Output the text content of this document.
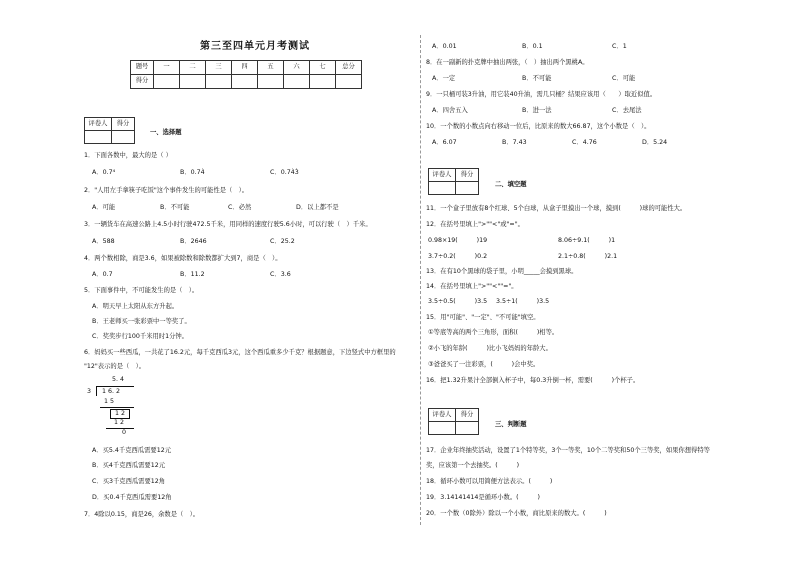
第三至四单元月考测试
题号	一	二	三	四	五	六	七	总分
得分								
评卷人	得分

一、选择题
1．下面各数中，最大的是（ ）
A．0.7⁴	B．0.74̇	C．0.74̇3̇
2．"人用左手拿筷子吃饭"这个事件发生的可能性是（　）。
A．可能	B．不可能	C．必然	D．以上都不是
3．一辆货车在高速公路上4.5小时行驶472.5千米，用同样的速度行驶5.6小时，可以行驶（　）千米。
A．588	B．2646	C．25.2
4．两个数相除，商是3.6，如果被除数和除数都扩大到7，商是（　）。
A．0.7	B．11.2	C．3.6
5．下面事件中，不可能发生的是（　）。
A．明天早上太阳从东方升起。
B．王老师买一张彩票中一等奖了。
C．奖奖步行100千米用时1分钟。
6．妈妈买一些西瓜，一共花了16.2元，每千克西瓜3元，这个西瓜重多少千克？根据题意，下边竖式中方框里的
"12"表示的是（　）。
5. 4
3 1 6. 2
1 5
1 2
1 2
0
A．买5.4千克西瓜需要12元
B．买4千克西瓜需要12元
C．买3千克西瓜需要12角
D．买0.4千克西瓜需要12角
7．4除以0.15，商是26，余数是（　）。
A．0.01	B．0.1	C．1
8．在一副新的扑克牌中抽出两张，（　）抽出两个黑桃A。
A．一定	B．不可能	C．可能
9．一只桶可装3升油，用它装40升油，需几只桶？结果应该用（　　）取近似值。
A．四舍五入	B．进一法	C．去尾法
10．一个数的小数点向右移动一位后，比原来的数大66.87，这个小数是（　）。
A．6.07	B．7.43	C．4.76	D．5.24
评卷人	得分

二、填空题
11．一个盒子里放有8个红球、5个白球，从盒子里摸出一个球，摸到(　　　)球的可能性大。
12．在括号里填上">""<"或"="。
0.98×19(　　　)19	8.06÷9.1(　　　)1
3.7÷0.2(　　　)0.2	2.1÷0.8(　　　)2.1
13．在有10个黑球的袋子里，小明_____会摸到黑球。
14．在括号里填上">""<""="。
3.5÷0.5(　　　)3.5 3.5÷1(　　　)3.5
15．用"可能"、"一定"、"不可能"填空。
①等底等高的两个三角形，面积(　　　)相等。
②小飞的年龄(　　　)比小飞妈妈的年龄大。
③爸爸买了一注彩票，(　　　)会中奖。
16．把1.32升果汁全部倒入杯子中，每0.3升倒一杯，需要(　　　)个杯子。
评卷人	得分

三、判断题
17．企业年终抽奖活动，设置了1个特等奖，3个一等奖，10个二等奖和50个三等奖，如果你想得特等
奖，应该第一个去抽奖。(　　　)
18．循环小数可以用简便方法表示。(　　　)
19．3.14141414是循环小数。(　　　)
20．一个数（0除外）除以一个小数，商比原来的数大。(　　　)
